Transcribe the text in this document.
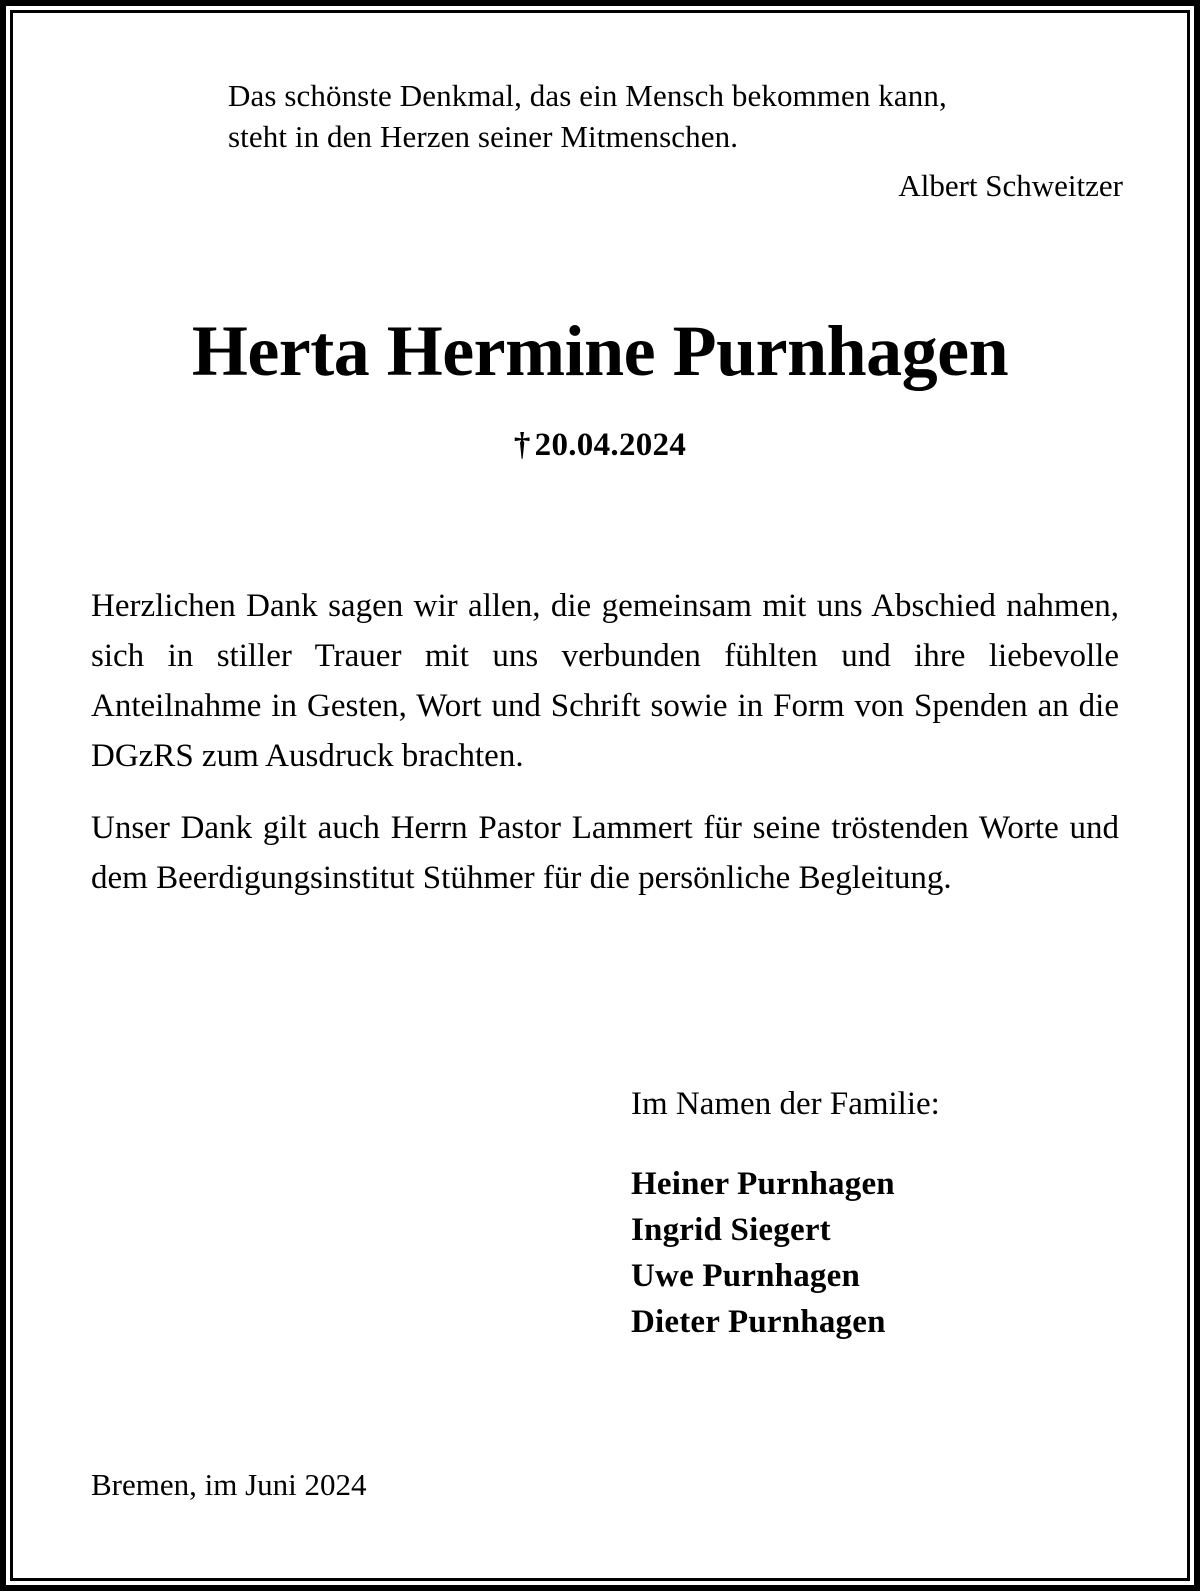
Das schönste Denkmal, das ein Mensch bekommen kann,
steht in den Herzen seiner Mitmenschen.
Albert Schweitzer
Herta Hermine Purnhagen
† 20.04.2024

Herzlichen Dank sagen wir allen, die gemeinsam mit uns Abschied nahmen, sich in stiller Trauer mit uns verbunden fühlten und ihre liebevolle Anteilnahme in Gesten, Wort und Schrift sowie in Form von Spenden an die DGzRS zum Ausdruck brachten.

Unser Dank gilt auch Herrn Pastor Lammert für seine tröstenden Worte und dem Beerdigungsinstitut Stühmer für die persönliche Begleitung.

Im Namen der Familie:
Heiner Purnhagen
Ingrid Siegert
Uwe Purnhagen
Dieter Purnhagen
Bremen, im Juni 2024
